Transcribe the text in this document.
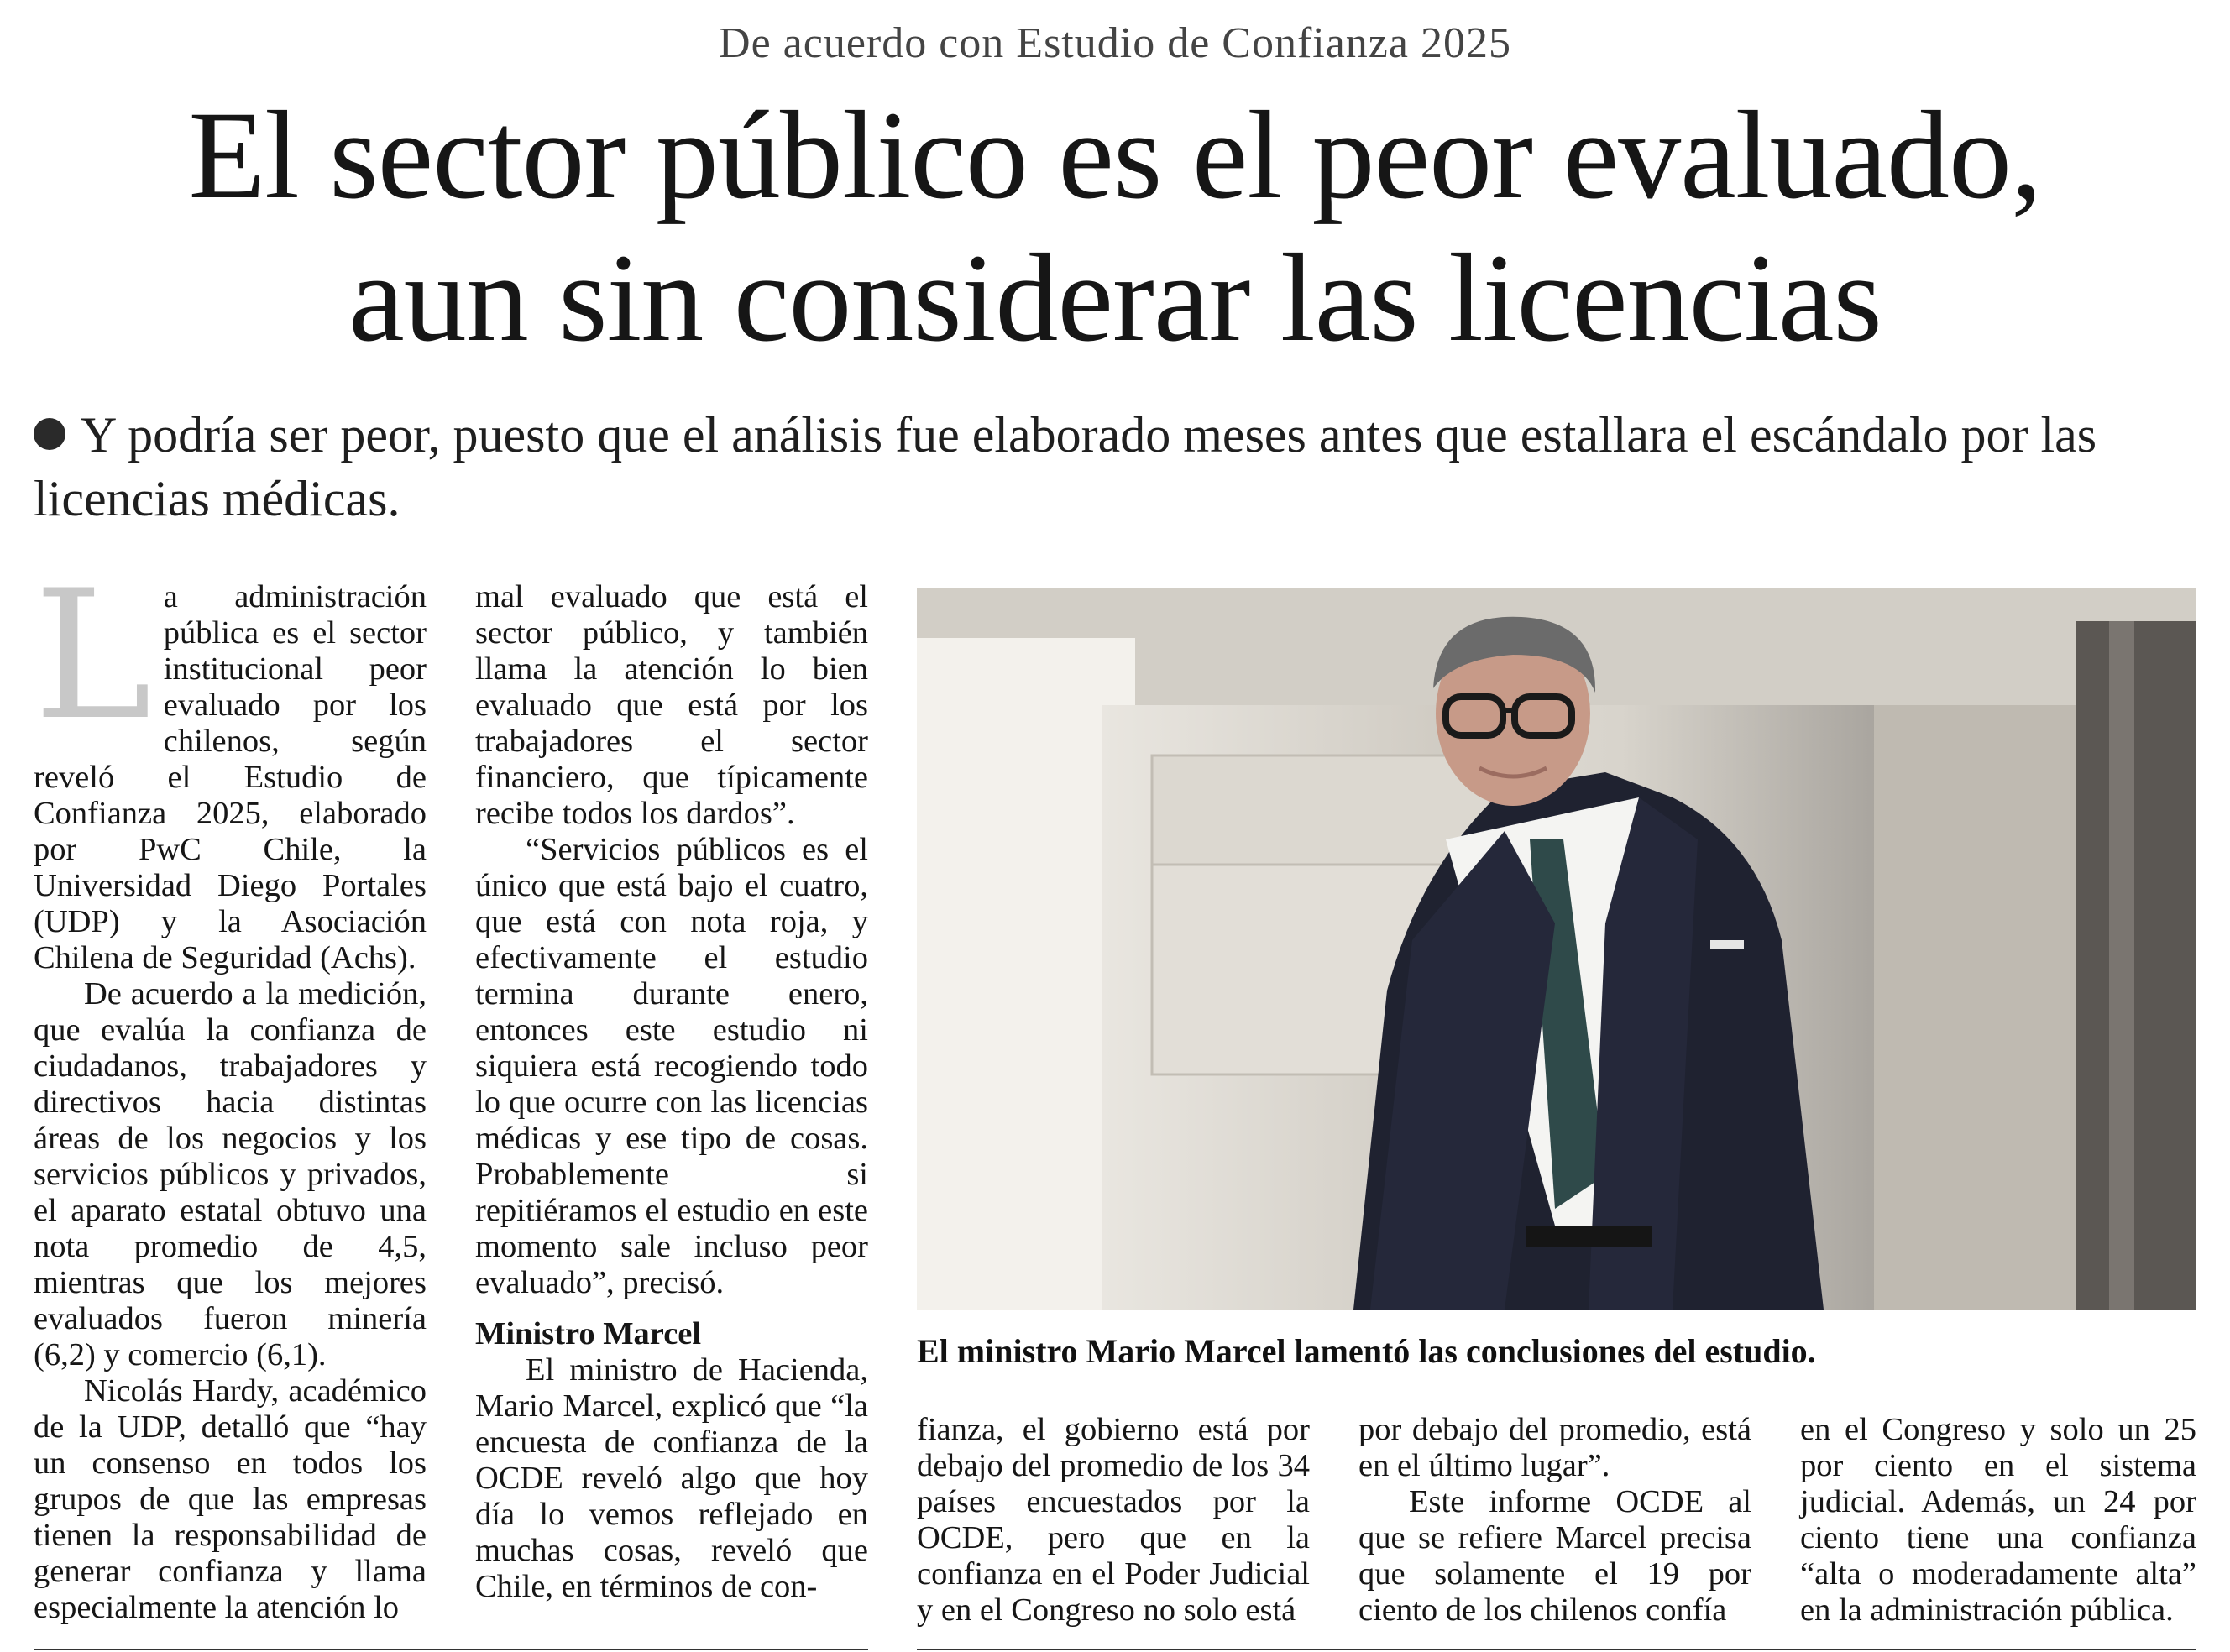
De acuerdo con Estudio de Confianza 2025
El sector público es el peor evaluado,
aun sin considerar las licencias
Y podría ser peor, puesto que el análisis fue elaborado meses antes que estallara el escándalo por las licencias médicas.

La administración pública es el sector institucional peor evaluado por los chilenos, según reveló el Estudio de Confianza 2025, elaborado por PwC Chile, la Universidad Diego Portales (UDP) y la Asociación Chilena de Seguridad (Achs).

De acuerdo a la medición, que evalúa la confianza de ciudadanos, trabajadores y directivos hacia distintas áreas de los negocios y los servicios públicos y privados, el aparato estatal obtuvo una nota promedio de 4,5, mientras que los mejores evaluados fueron minería (6,2) y comercio (6,1).

Nicolás Hardy, académico de la UDP, detalló que “hay un consenso en todos los grupos de que las empresas tienen la responsabilidad de generar confianza y llama especialmente la atención lo

mal evaluado que está el sector público, y también llama la atención lo bien evaluado que está por los trabajadores el sector financiero, que típicamente recibe todos los dardos”.

“Servicios públicos es el único que está bajo el cuatro, que está con nota roja, y efectivamente el estudio termina durante enero, entonces este estudio ni siquiera está recogiendo todo lo que ocurre con las licencias médicas y ese tipo de cosas. Probablemente si repitiéramos el estudio en este momento sale incluso peor evaluado”, precisó.

Ministro Marcel

El ministro de Hacienda, Mario Marcel, explicó que “la encuesta de confianza de la OCDE reveló algo que hoy día lo vemos reflejado en muchas cosas, reveló que Chile, en términos de con-

El ministro Mario Marcel lamentó las conclusiones del estudio.

fianza, el gobierno está por debajo del promedio de los 34 países encuestados por la OCDE, pero que en la confianza en el Poder Judicial y en el Congreso no solo está

por debajo del promedio, está en el último lugar”.

Este informe OCDE al que se refiere Marcel precisa que solamente el 19 por ciento de los chilenos confía

en el Congreso y solo un 25 por ciento en el sistema judicial. Además, un 24 por ciento tiene una confianza “alta o moderadamente alta” en la administración pública.
